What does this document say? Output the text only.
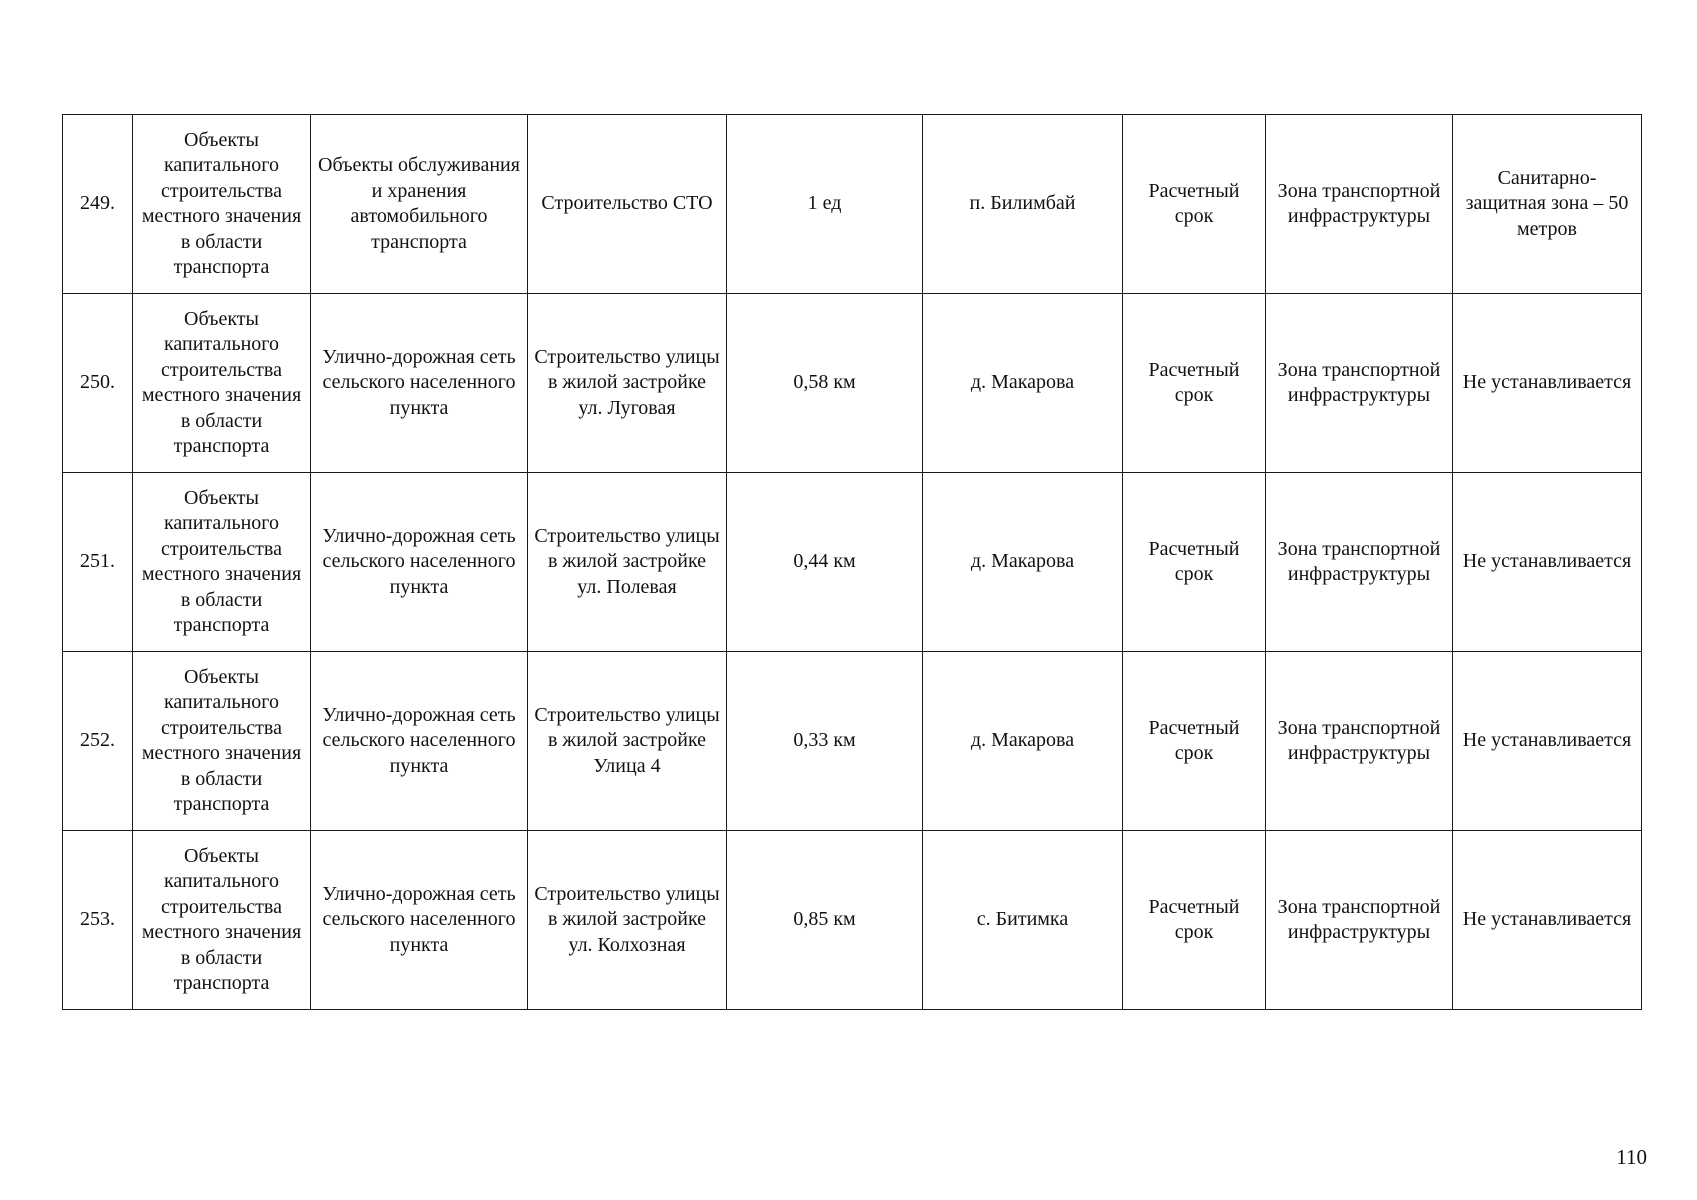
249.	Объекты капитального строительства местного значения в области транспорта	Объекты обслуживания и хранения автомобильного транспорта	Строительство СТО	1 ед	п. Билимбай	Расчетный срок	Зона транспортной инфраструктуры	Санитарно-защитная зона – 50 метров
250.	Объекты капитального строительства местного значения в области транспорта	Улично-дорожная сеть сельского населенного пункта	Строительство улицы в жилой застройке ул. Луговая	0,58 км	д. Макарова	Расчетный срок	Зона транспортной инфраструктуры	Не устанавливается
251.	Объекты капитального строительства местного значения в области транспорта	Улично-дорожная сеть сельского населенного пункта	Строительство улицы в жилой застройке ул. Полевая	0,44 км	д. Макарова	Расчетный срок	Зона транспортной инфраструктуры	Не устанавливается
252.	Объекты капитального строительства местного значения в области транспорта	Улично-дорожная сеть сельского населенного пункта	Строительство улицы в жилой застройке Улица 4	0,33 км	д. Макарова	Расчетный срок	Зона транспортной инфраструктуры	Не устанавливается
253.	Объекты капитального строительства местного значения в области транспорта	Улично-дорожная сеть сельского населенного пункта	Строительство улицы в жилой застройке ул. Колхозная	0,85 км	с. Битимка	Расчетный срок	Зона транспортной инфраструктуры	Не устанавливается
110
